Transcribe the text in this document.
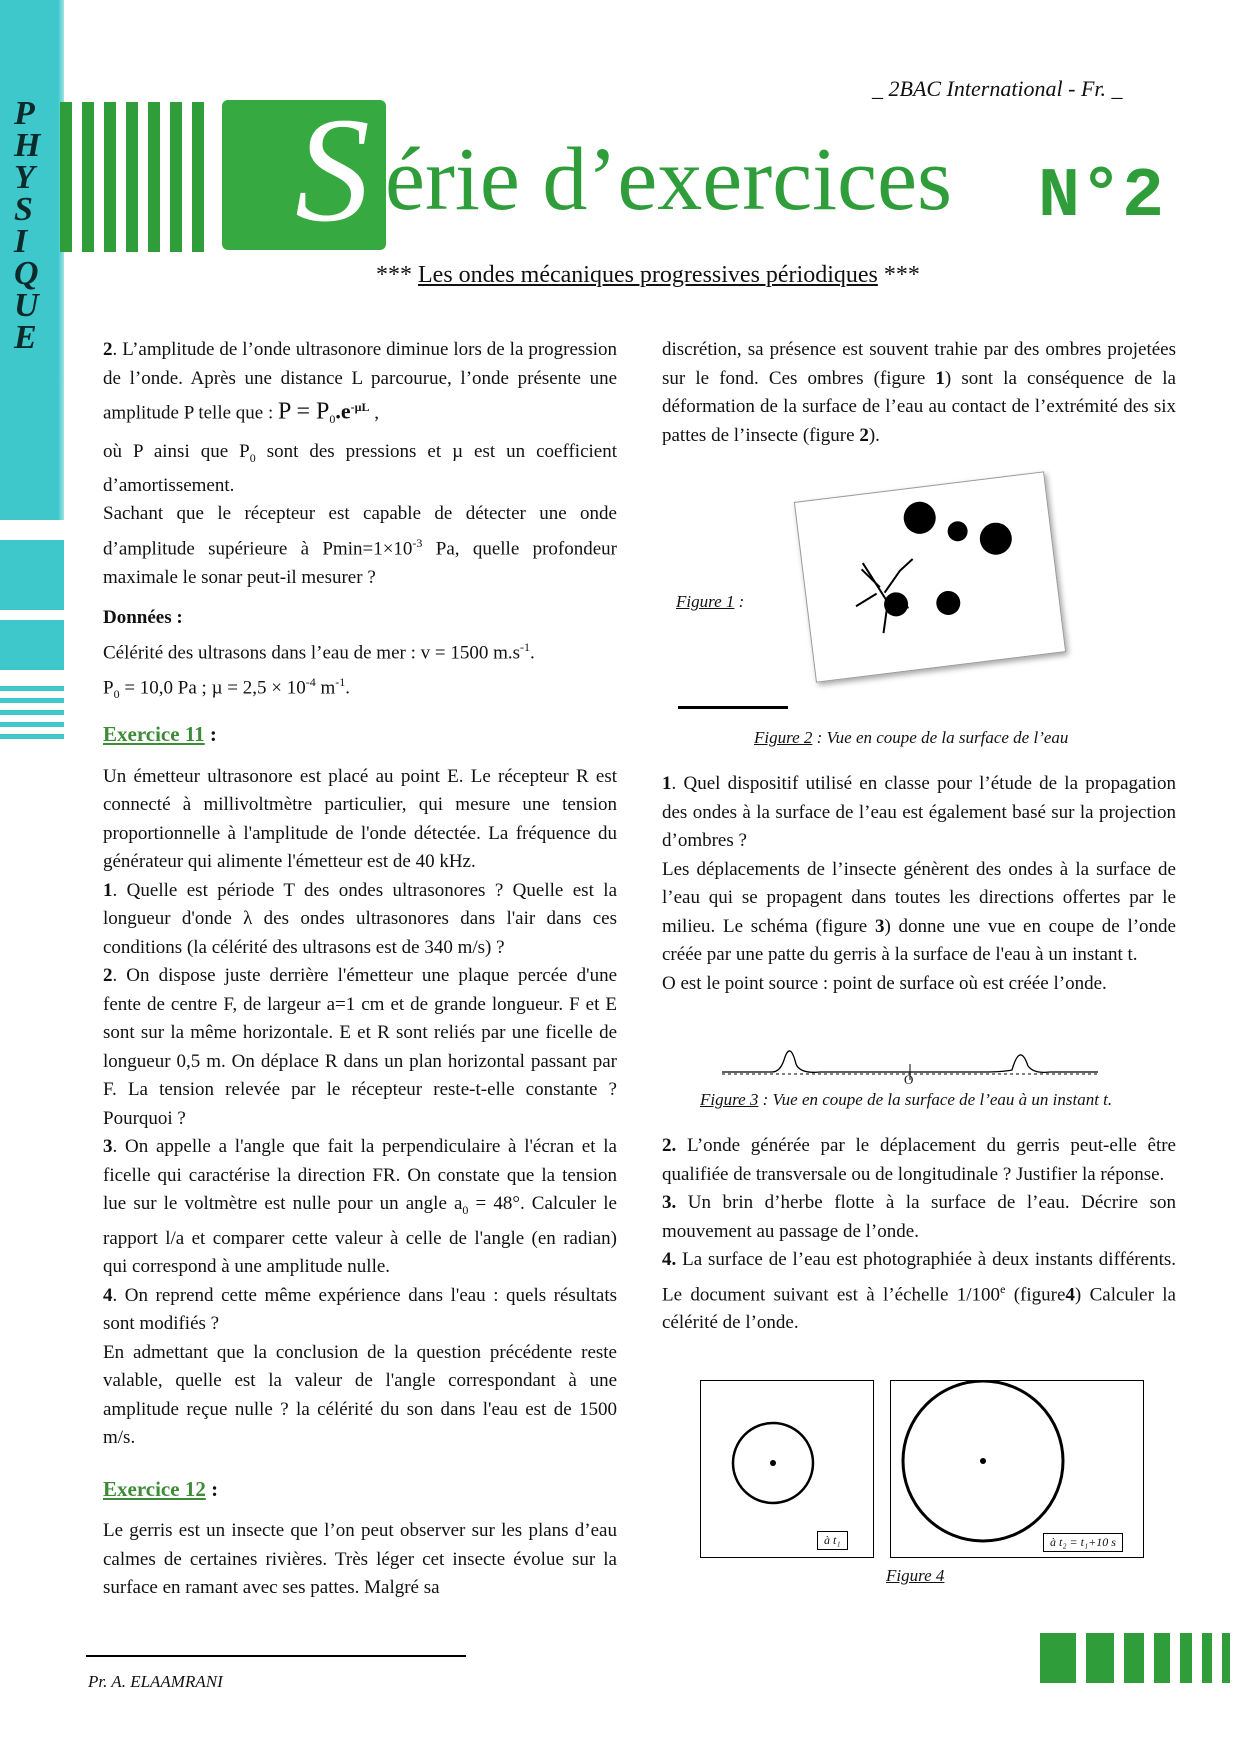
P
H
Y
S
I
Q
U
E
_ 2BAC International - Fr. _
S érie d’exercices N°2
*** Les ondes mécaniques progressives périodiques ***

2. L’amplitude de l’onde ultrasonore diminue lors de la progression de l’onde. Après une distance L parcourue, l’onde présente une amplitude P telle que : $P = P_0.e^{-\mu L}$ ,

où P ainsi que $P_0$ sont des pressions et µ est un coefficient d’amortissement.

Sachant que le récepteur est capable de détecter une onde d’amplitude supérieure à $Pmin=1\times 10^{-3}$ Pa, quelle profondeur maximale le sonar peut-il mesurer ?

Données :

Célérité des ultrasons dans l’eau de mer : v = 1500 $m.s^{-1}$.

$P_0 = 10,0$ Pa ; $\mu = 2,5 \times 10^{-4}$ $m^{-1}$.

Exercice 11 :

Un émetteur ultrasonore est placé au point E. Le récepteur R est connecté à millivoltmètre particulier, qui mesure une tension proportionnelle à l'amplitude de l'onde détectée. La fréquence du générateur qui alimente l'émetteur est de 40 kHz.

1. Quelle est période T des ondes ultrasonores ? Quelle est la longueur d'onde λ des ondes ultrasonores dans l'air dans ces conditions (la célérité des ultrasons est de 340 m/s) ?

2. On dispose juste derrière l'émetteur une plaque percée d'une fente de centre F, de largeur a=1 cm et de grande longueur. F et E sont sur la même horizontale. E et R sont reliés par une ficelle de longueur 0,5 m. On déplace R dans un plan horizontal passant par F. La tension relevée par le récepteur reste-t-elle constante ? Pourquoi ?

3. On appelle a l'angle que fait la perpendiculaire à l'écran et la ficelle qui caractérise la direction FR. On constate que la tension lue sur le voltmètre est nulle pour un angle $a_0 = 48^\circ$. Calculer le rapport l/a et comparer cette valeur à celle de l'angle (en radian) qui correspond à une amplitude nulle.

4. On reprend cette même expérience dans l'eau : quels résultats sont modifiés ?

En admettant que la conclusion de la question précédente reste valable, quelle est la valeur de l'angle correspondant à une amplitude reçue nulle ? la célérité du son dans l'eau est de 1500 m/s.

Exercice 12 :

Le gerris est un insecte que l’on peut observer sur les plans d’eau calmes de certaines rivières. Très léger cet insecte évolue sur la surface en ramant avec ses pattes. Malgré sa

discrétion, sa présence est souvent trahie par des ombres projetées sur le fond. Ces ombres (figure 1) sont la conséquence de la déformation de la surface de l’eau au contact de l’extrémité des six pattes de l’insecte (figure 2).

Figure 1 :
Figure 2 : Vue en coupe de la surface de l’eau

1. Quel dispositif utilisé en classe pour l’étude de la propagation des ondes à la surface de l’eau est également basé sur la projection d’ombres ?

Les déplacements de l’insecte génèrent des ondes à la surface de l’eau qui se propagent dans toutes les directions offertes par le milieu. Le schéma (figure 3) donne une vue en coupe de l’onde créée par une patte du gerris à la surface de l'eau à un instant t.

O est le point source : point de surface où est créée l’onde.

O
Figure 3 : Vue en coupe de la surface de l’eau à un instant t.

2. L’onde générée par le déplacement du gerris peut-elle être qualifiée de transversale ou de longitudinale ? Justifier la réponse.

3. Un brin d’herbe flotte à la surface de l’eau. Décrire son mouvement au passage de l’onde.

4. La surface de l’eau est photographiée à deux instants différents. Le document suivant est à l’échelle 1/100e (figure4) Calculer la célérité de l’onde.

à t₁	à t₂ = t₁+10 s
Figure 4
Pr. A. ELAAMRANI
